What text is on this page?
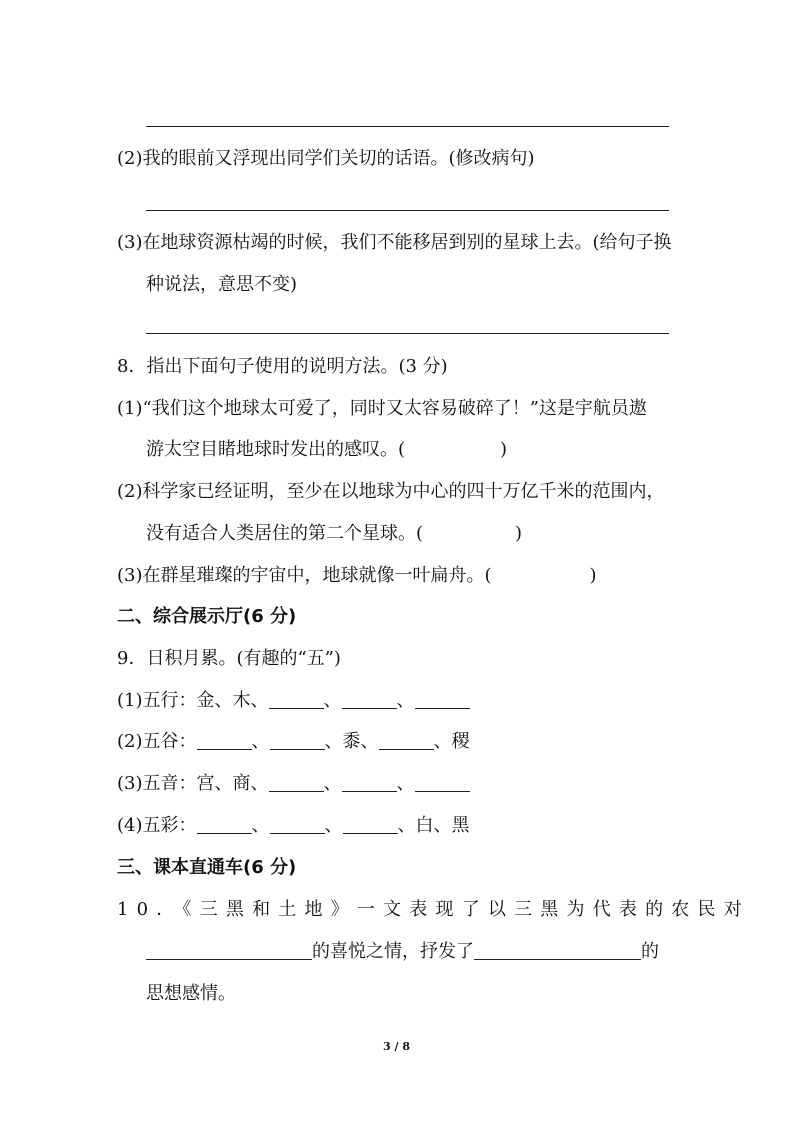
(2)我的眼前又浮现出同学们关切的话语。(修改病句)
(3)在地球资源枯竭的时候，我们不能移居到别的星球上去。(给句子换
种说法，意思不变)
8．指出下面句子使用的说明方法。(3 分)
(1)“我们这个地球太可爱了，同时又太容易破碎了！”这是宇航员遨
游太空目睹地球时发出的感叹。(	)
(2)科学家已经证明，至少在以地球为中心的四十万亿千米的范围内，
没有适合人类居住的第二个星球。(	)
(3)在群星璀璨的宇宙中，地球就像一叶扁舟。(	)
二、综合展示厅(6 分)
9．日积月累。(有趣的“五”)
(1)五行：金、木、	、	、
(2)五谷：	、	、黍、	、稷
(3)五音：宫、商、	、	、
(4)五彩：	、	、	、白、黑
三、课本直通车(6 分)
10．《三黑和土地》一文表现了以三黑为代表的农民对
的喜悦之情，抒发了	的
思想感情。
3 / 8
